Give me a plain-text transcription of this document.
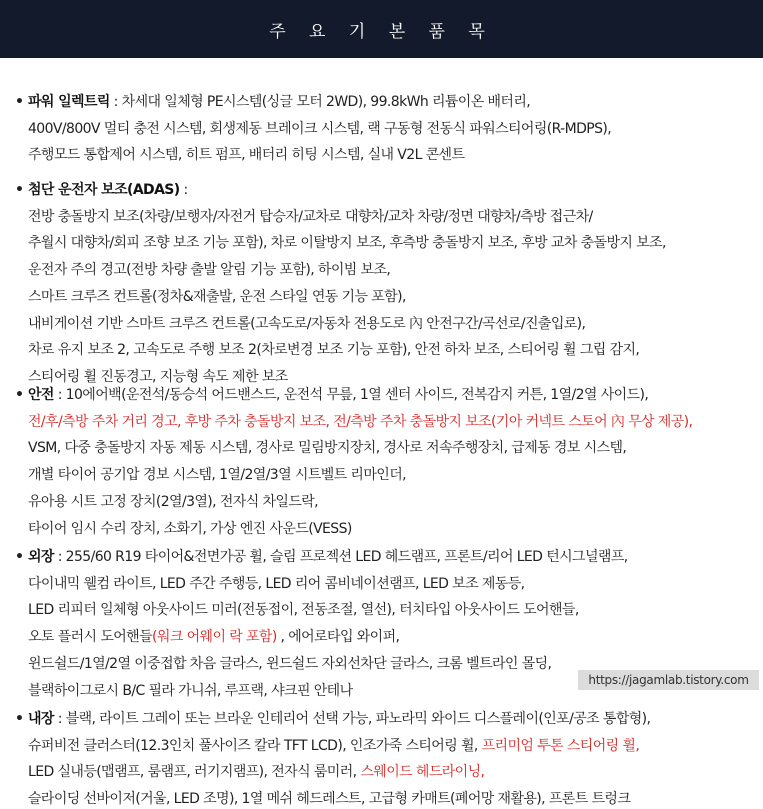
주 요 기 본 품 목
• 파워 일렉트릭 : 차세대 일체형 PE시스템(싱글 모터 2WD), 99.8kWh 리튬이온 배터리,
400V/800V 멀티 충전 시스템, 회생제동 브레이크 시스템, 랙 구동형 전동식 파워스티어링(R-MDPS),
주행모드 통합제어 시스템, 히트 펌프, 배터리 히팅 시스템, 실내 V2L 콘센트
• 첨단 운전자 보조(ADAS) :
전방 충돌방지 보조(차량/보행자/자전거 탑승자/교차로 대향차/교차 차량/정면 대향차/측방 접근차/
추월시 대향차/회피 조향 보조 기능 포함), 차로 이탈방지 보조, 후측방 충돌방지 보조, 후방 교차 충돌방지 보조,
운전자 주의 경고(전방 차량 출발 알림 기능 포함), 하이빔 보조,
스마트 크루즈 컨트롤(정차&재출발, 운전 스타일 연동 기능 포함),
내비게이션 기반 스마트 크루즈 컨트롤(고속도로/자동차 전용도로 內 안전구간/곡선로/진출입로),
차로 유지 보조 2, 고속도로 주행 보조 2(차로변경 보조 기능 포함), 안전 하차 보조, 스티어링 휠 그립 감지,
스티어링 휠 진동경고, 지능형 속도 제한 보조
• 안전 : 10에어백(운전석/동승석 어드밴스드, 운전석 무릎, 1열 센터 사이드, 전복감지 커튼, 1열/2열 사이드),
전/후/측방 주차 거리 경고, 후방 주차 충돌방지 보조, 전/측방 주차 충돌방지 보조(기아 커넥트 스토어 內 무상 제공),
VSM, 다중 충돌방지 자동 제동 시스템, 경사로 밀림방지장치, 경사로 저속주행장치, 급제동 경보 시스템,
개별 타이어 공기압 경보 시스템, 1열/2열/3열 시트벨트 리마인더,
유아용 시트 고정 장치(2열/3열), 전자식 차일드락,
타이어 임시 수리 장치, 소화기, 가상 엔진 사운드(VESS)
• 외장 : 255/60 R19 타이어&전면가공 휠, 슬림 프로젝션 LED 헤드램프, 프론트/리어 LED 턴시그널램프,
다이내믹 웰컴 라이트, LED 주간 주행등, LED 리어 콤비네이션램프, LED 보조 제동등,
LED 리피터 일체형 아웃사이드 미러(전동접이, 전동조절, 열선), 터치타입 아웃사이드 도어핸들,
오토 플러시 도어핸들(워크 어웨이 락 포함) , 에어로타입 와이퍼,
윈드쉴드/1열/2열 이중접합 차음 글라스, 윈드쉴드 자외선차단 글라스, 크롬 벨트라인 몰딩,
블랙하이그로시 B/C 필라 가니쉬, 루프랙, 샤크핀 안테나
• 내장 : 블랙, 라이트 그레이 또는 브라운 인테리어 선택 가능, 파노라믹 와이드 디스플레이(인포/공조 통합형),
슈퍼비전 클러스터(12.3인치 풀사이즈 칼라 TFT LCD), 인조가죽 스티어링 휠, 프리미엄 투톤 스티어링 휠,
LED 실내등(맵램프, 룸램프, 러기지램프), 전자식 룸미러, 스웨이드 헤드라이닝,
슬라이딩 선바이저(거울, LED 조명), 1열 메쉬 헤드레스트, 고급형 카매트(폐어망 재활용), 프론트 트렁크
https://jagamlab.tistory.com
